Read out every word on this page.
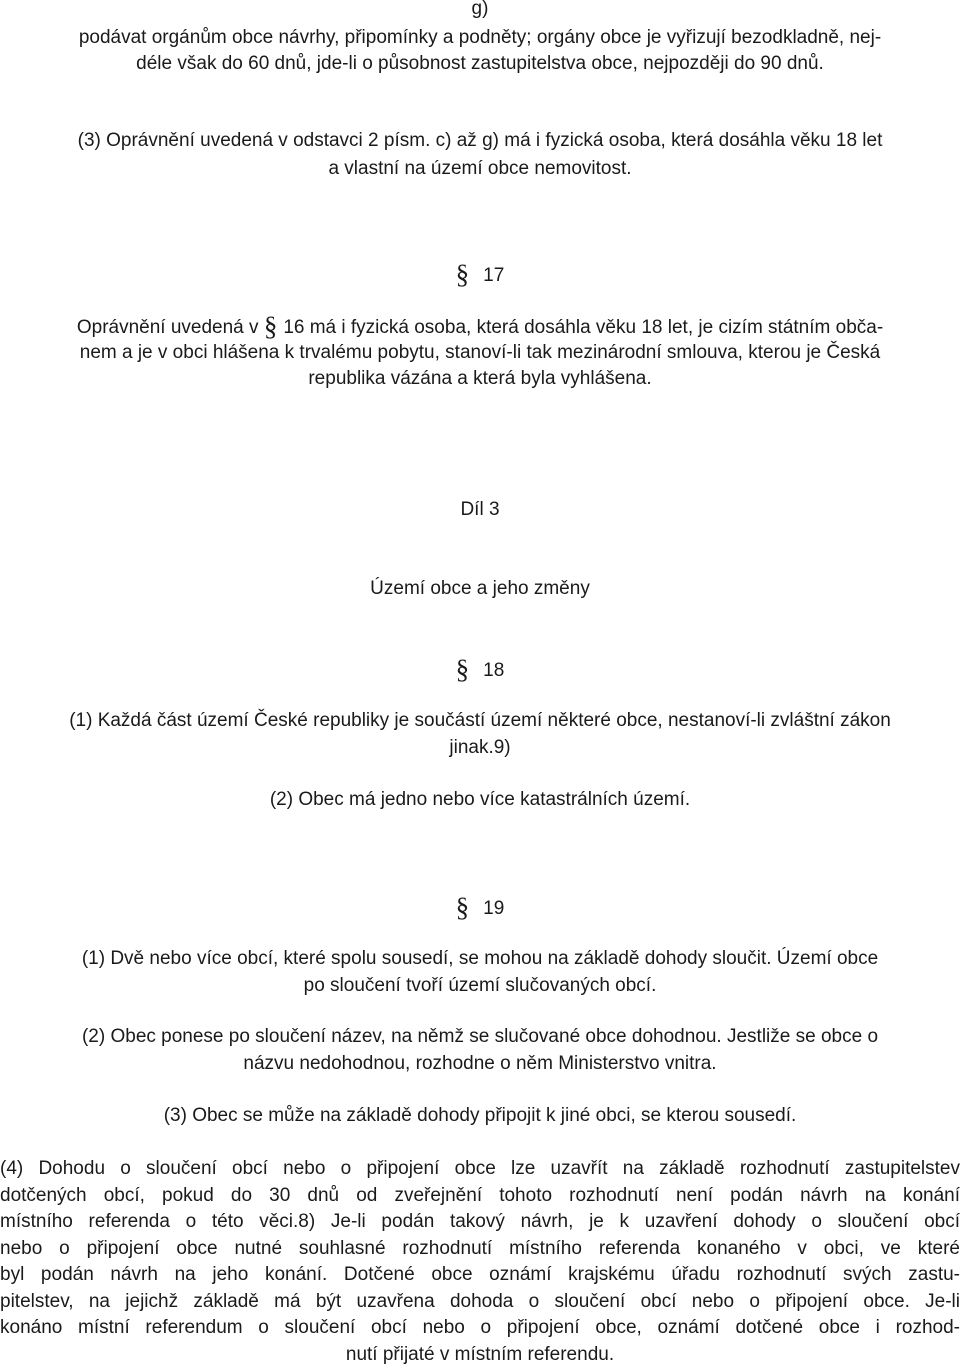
g)

podávat orgánům obce návrhy, připomínky a podněty; orgány obce je vyřizují bezodkladně, nej-

déle však do 60 dnů, jde-li o působnost zastupitelstva obce, nejpozději do 90 dnů.

(3) Oprávnění uvedená v odstavci 2 písm. c) až g) má i fyzická osoba, která dosáhla věku 18 let

a vlastní na území obce nemovitost.

§ 17

Oprávnění uvedená v § 16 má i fyzická osoba, která dosáhla věku 18 let, je cizím státním obča-

nem a je v obci hlášena k trvalému pobytu, stanoví-li tak mezinárodní smlouva, kterou je Česká

republika vázána a která byla vyhlášena.

Díl 3

Území obce a jeho změny

§ 18

(1) Každá část území České republiky je součástí území některé obce, nestanoví-li zvláštní zákon

jinak.9)

(2) Obec má jedno nebo více katastrálních území.

§ 19

(1) Dvě nebo více obcí, které spolu sousedí, se mohou na základě dohody sloučit. Území obce

po sloučení tvoří území slučovaných obcí.

(2) Obec ponese po sloučení název, na němž se slučované obce dohodnou. Jestliže se obce o

názvu nedohodnou, rozhodne o něm Ministerstvo vnitra.

(3) Obec se může na základě dohody připojit k jiné obci, se kterou sousedí.

(4) Dohodu o sloučení obcí nebo o připojení obce lze uzavřít na základě rozhodnutí zastupitelstev

dotčených obcí, pokud do 30 dnů od zveřejnění tohoto rozhodnutí není podán návrh na konání

místního referenda o této věci.8) Je-li podán takový návrh, je k uzavření dohody o sloučení obcí

nebo o připojení obce nutné souhlasné rozhodnutí místního referenda konaného v obci, ve které

byl podán návrh na jeho konání. Dotčené obce oznámí krajskému úřadu rozhodnutí svých zastu-

pitelstev, na jejichž základě má být uzavřena dohoda o sloučení obcí nebo o připojení obce. Je-li

konáno místní referendum o sloučení obcí nebo o připojení obce, oznámí dotčené obce i rozhod-

nutí přijaté v místním referendu.
